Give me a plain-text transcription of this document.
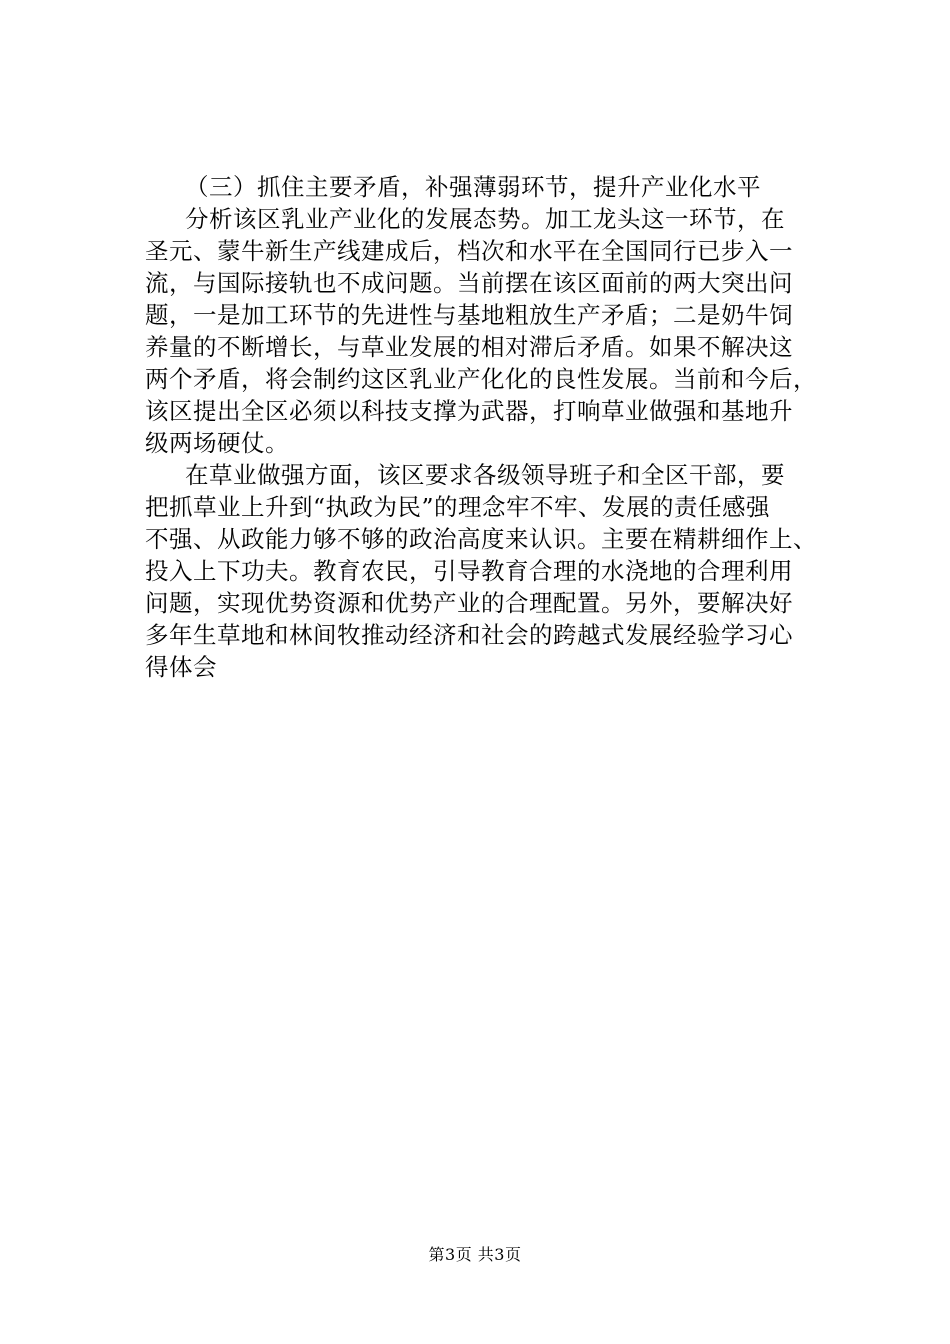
（三）抓住主要矛盾，补强薄弱环节，提升产业化水平
分析该区乳业产业化的发展态势。加工龙头这一环节，在
圣元、蒙牛新生产线建成后，档次和水平在全国同行已步入一
流，与国际接轨也不成问题。当前摆在该区面前的两大突出问
题，一是加工环节的先进性与基地粗放生产矛盾；二是奶牛饲
养量的不断增长，与草业发展的相对滞后矛盾。如果不解决这
两个矛盾，将会制约这区乳业产化化的良性发展。当前和今后，
该区提出全区必须以科技支撑为武器，打响草业做强和基地升
级两场硬仗。
在草业做强方面，该区要求各级领导班子和全区干部，要
把抓草业上升到“执政为民”的理念牢不牢、发展的责任感强
不强、从政能力够不够的政治高度来认识。主要在精耕细作上、
投入上下功夫。教育农民，引导教育合理的水浇地的合理利用
问题，实现优势资源和优势产业的合理配置。另外，要解决好
多年生草地和林间牧推动经济和社会的跨越式发展经验学习心
得体会
第3页 共3页
